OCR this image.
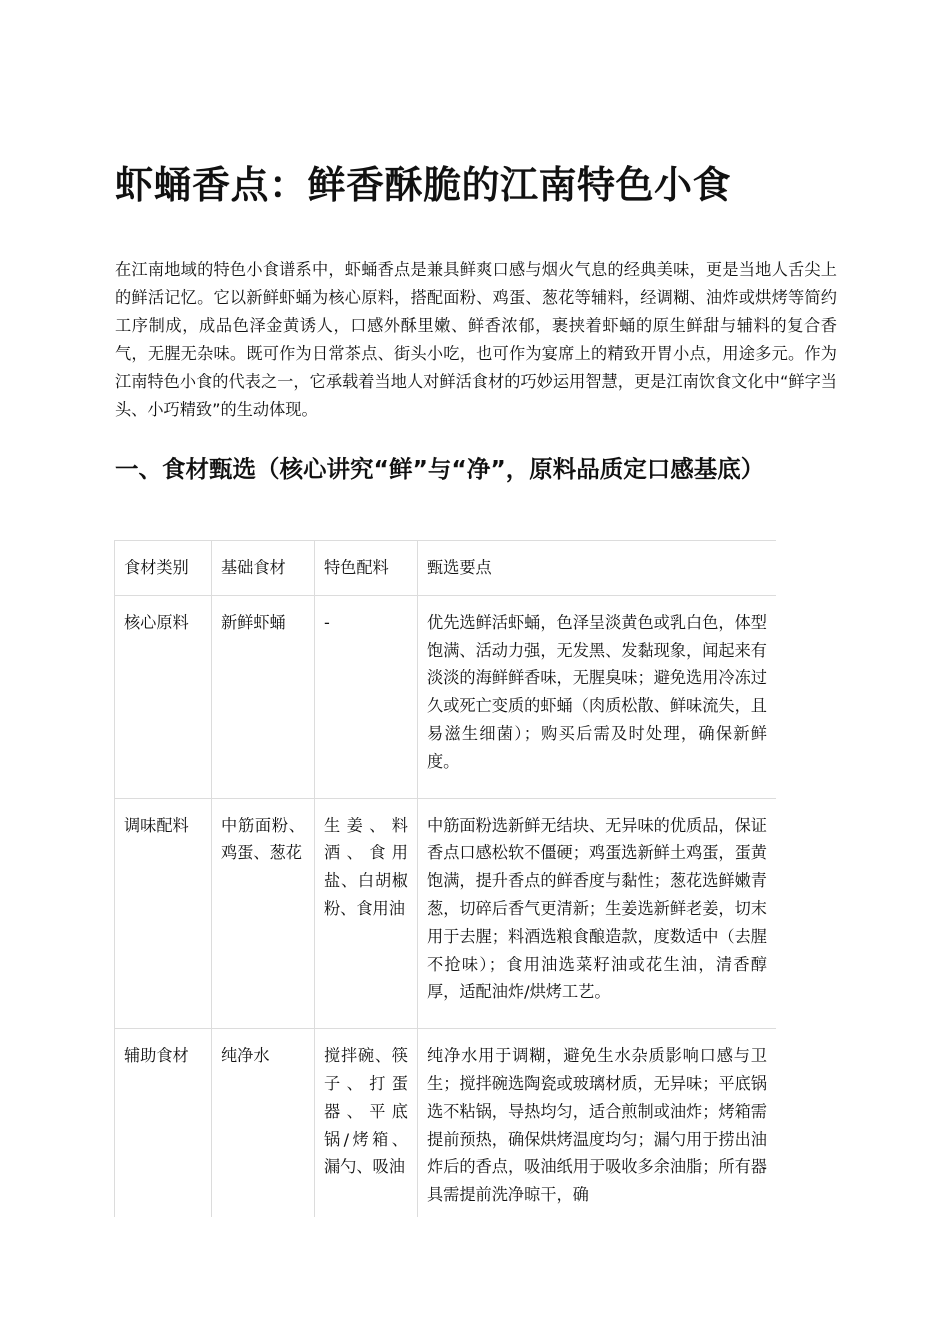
虾蛹香点：鲜香酥脆的江南特色小食

在江南地域的特色小食谱系中，虾蛹香点是兼具鲜爽口感与烟火气息的经典美味，更是当地人舌尖上的鲜活记忆。它以新鲜虾蛹为核心原料，搭配面粉、鸡蛋、葱花等辅料，经调糊、油炸或烘烤等简约工序制成，成品色泽金黄诱人，口感外酥里嫩、鲜香浓郁，裹挟着虾蛹的原生鲜甜与辅料的复合香气，无腥无杂味。既可作为日常茶点、街头小吃，也可作为宴席上的精致开胃小点，用途多元。作为江南特色小食的代表之一，它承载着当地人对鲜活食材的巧妙运用智慧，更是江南饮食文化中“鲜字当头、小巧精致”的生动体现。

一、食材甄选（核心讲究“鲜”与“净”，原料品质定口感基底）
食材类别	基础食材	特色配料	甄选要点
核心原料	新鲜虾蛹	-	优先选鲜活虾蛹，色泽呈淡黄色或乳白色，体型饱满、活动力强，无发黑、发黏现象，闻起来有淡淡的海鲜鲜香味，无腥臭味；避免选用冷冻过久或死亡变质的虾蛹（肉质松散、鲜味流失，且易滋生细菌）；购买后需及时处理，确保新鲜度。
调味配料	中筋面粉、鸡蛋、葱花	生姜、料酒、食用盐、白胡椒粉、食用油	中筋面粉选新鲜无结块、无异味的优质品，保证香点口感松软不僵硬；鸡蛋选新鲜土鸡蛋，蛋黄饱满，提升香点的鲜香度与黏性；葱花选鲜嫩青葱，切碎后香气更清新；生姜选新鲜老姜，切末用于去腥；料酒选粮食酿造款，度数适中（去腥不抢味）；食用油选菜籽油或花生油，清香醇厚，适配油炸/烘烤工艺。
辅助食材	纯净水	搅拌碗、筷子、打蛋器、平底锅/烤箱、漏勺、吸油	纯净水用于调糊，避免生水杂质影响口感与卫生；搅拌碗选陶瓷或玻璃材质，无异味；平底锅选不粘锅，导热均匀，适合煎制或油炸；烤箱需提前预热，确保烘烤温度均匀；漏勺用于捞出油炸后的香点，吸油纸用于吸收多余油脂；所有器具需提前洗净晾干，确
